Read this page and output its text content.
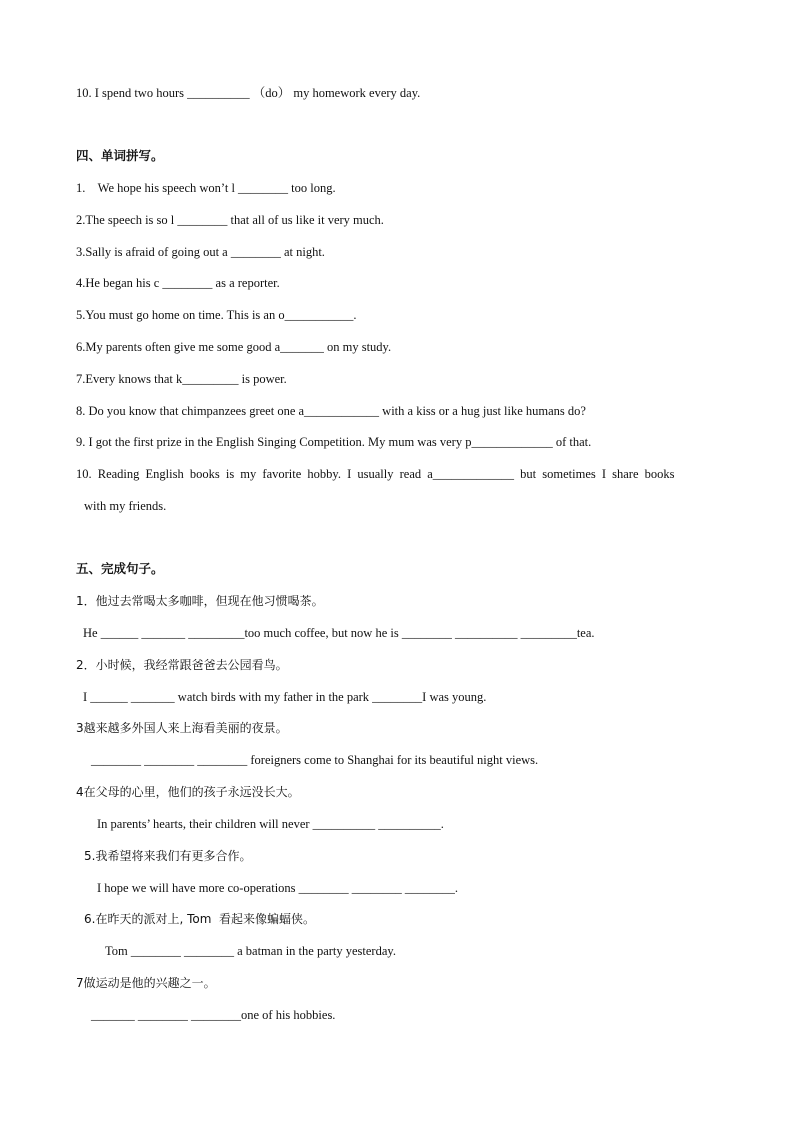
10. I spend two hours __________ （do） my homework every day.
四、单词拼写。
1.    We hope his speech won’t l ________ too long.
2.The speech is so l ________ that all of us like it very much.
3.Sally is afraid of going out a ________ at night.
4.He began his c ________ as a reporter.
5.You must go home on time. This is an o___________.
6.My parents often give me some good a_______ on my study.
7.Every knows that k_________ is power.
8. Do you know that chimpanzees greet one a____________ with a kiss or a hug just like humans do?
9. I got the first prize in the English Singing Competition. My mum was very p_____________ of that.
10. Reading English books is my favorite hobby. I usually read a_____________ but sometimes I share books
with my friends.
五、完成句子。
1．他过去常喝太多咖啡，但现在他习惯喝茶。
He ______ _______ _________too much coffee, but now he is ________ __________ _________tea.
2．小时候，我经常跟爸爸去公园看鸟。
I ______ _______ watch birds with my father in the park ________I was young.
3越来越多外国人来上海看美丽的夜景。
________ ________ ________ foreigners come to Shanghai for its beautiful night views.
4在父母的心里，他们的孩子永远没长大。
In parents’ hearts, their children will never __________ __________.
5.我希望将来我们有更多合作。
I hope we will have more co-operations ________ ________ ________.
6.在昨天的派对上, Tom  看起来像蝙蝠侠。
Tom ________ ________ a batman in the party yesterday.
7做运动是他的兴趣之一。
_______ ________ ________one of his hobbies.
